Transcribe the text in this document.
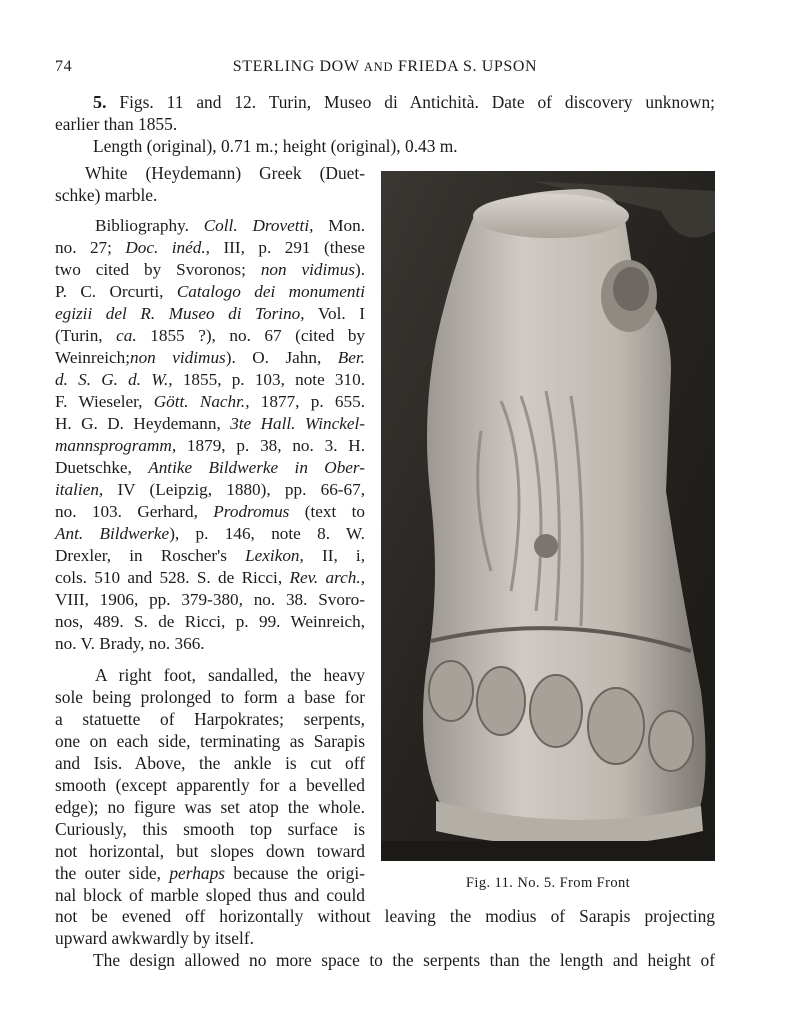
74	STERLING DOW AND FRIEDA S. UPSON
5. Figs. 11 and 12. Turin, Museo di Antichità. Date of discovery unknown;
earlier than 1855.
Length (original), 0.71 m.; height (original), 0.43 m.
White (Heydemann) Greek (Duet-
schke) marble.
Bibliography. Coll. Drovetti, Mon.
no. 27; Doc. inéd., III, p. 291 (these
two cited by Svoronos; non vidimus).
P. C. Orcurti, Catalogo dei monumenti
egizii del R. Museo di Torino, Vol. I
(Turin, ca. 1855 ?), no. 67 (cited by
Weinreich;non vidimus). O. Jahn, Ber.
d. S. G. d. W., 1855, p. 103, note 310.
F. Wieseler, Gött. Nachr., 1877, p. 655.
H. G. D. Heydemann, 3te Hall. Winckel-
mannsprogramm, 1879, p. 38, no. 3. H.
Duetschke, Antike Bildwerke in Ober-
italien, IV (Leipzig, 1880), pp. 66-67,
no. 103. Gerhard, Prodromus (text to
Ant. Bildwerke), p. 146, note 8. W.
Drexler, in Roscher's Lexikon, II, i,
cols. 510 and 528. S. de Ricci, Rev. arch.,
VIII, 1906, pp. 379-380, no. 38. Svoro-
nos, 489. S. de Ricci, p. 99. Weinreich,
no. V. Brady, no. 366.
A right foot, sandalled, the heavy
sole being prolonged to form a base for
a statuette of Harpokrates; serpents,
one on each side, terminating as Sarapis
and Isis. Above, the ankle is cut off
smooth (except apparently for a bevelled
edge); no figure was set atop the whole.
Curiously, this smooth top surface is
not horizontal, but slopes down toward
the outer side, perhaps because the origi-
nal block of marble sloped thus and could
not be evened off horizontally without leaving the modius of Sarapis projecting
upward awkwardly by itself.
The design allowed no more space to the serpents than the length and height of
Fig. 11. No. 5. From Front
